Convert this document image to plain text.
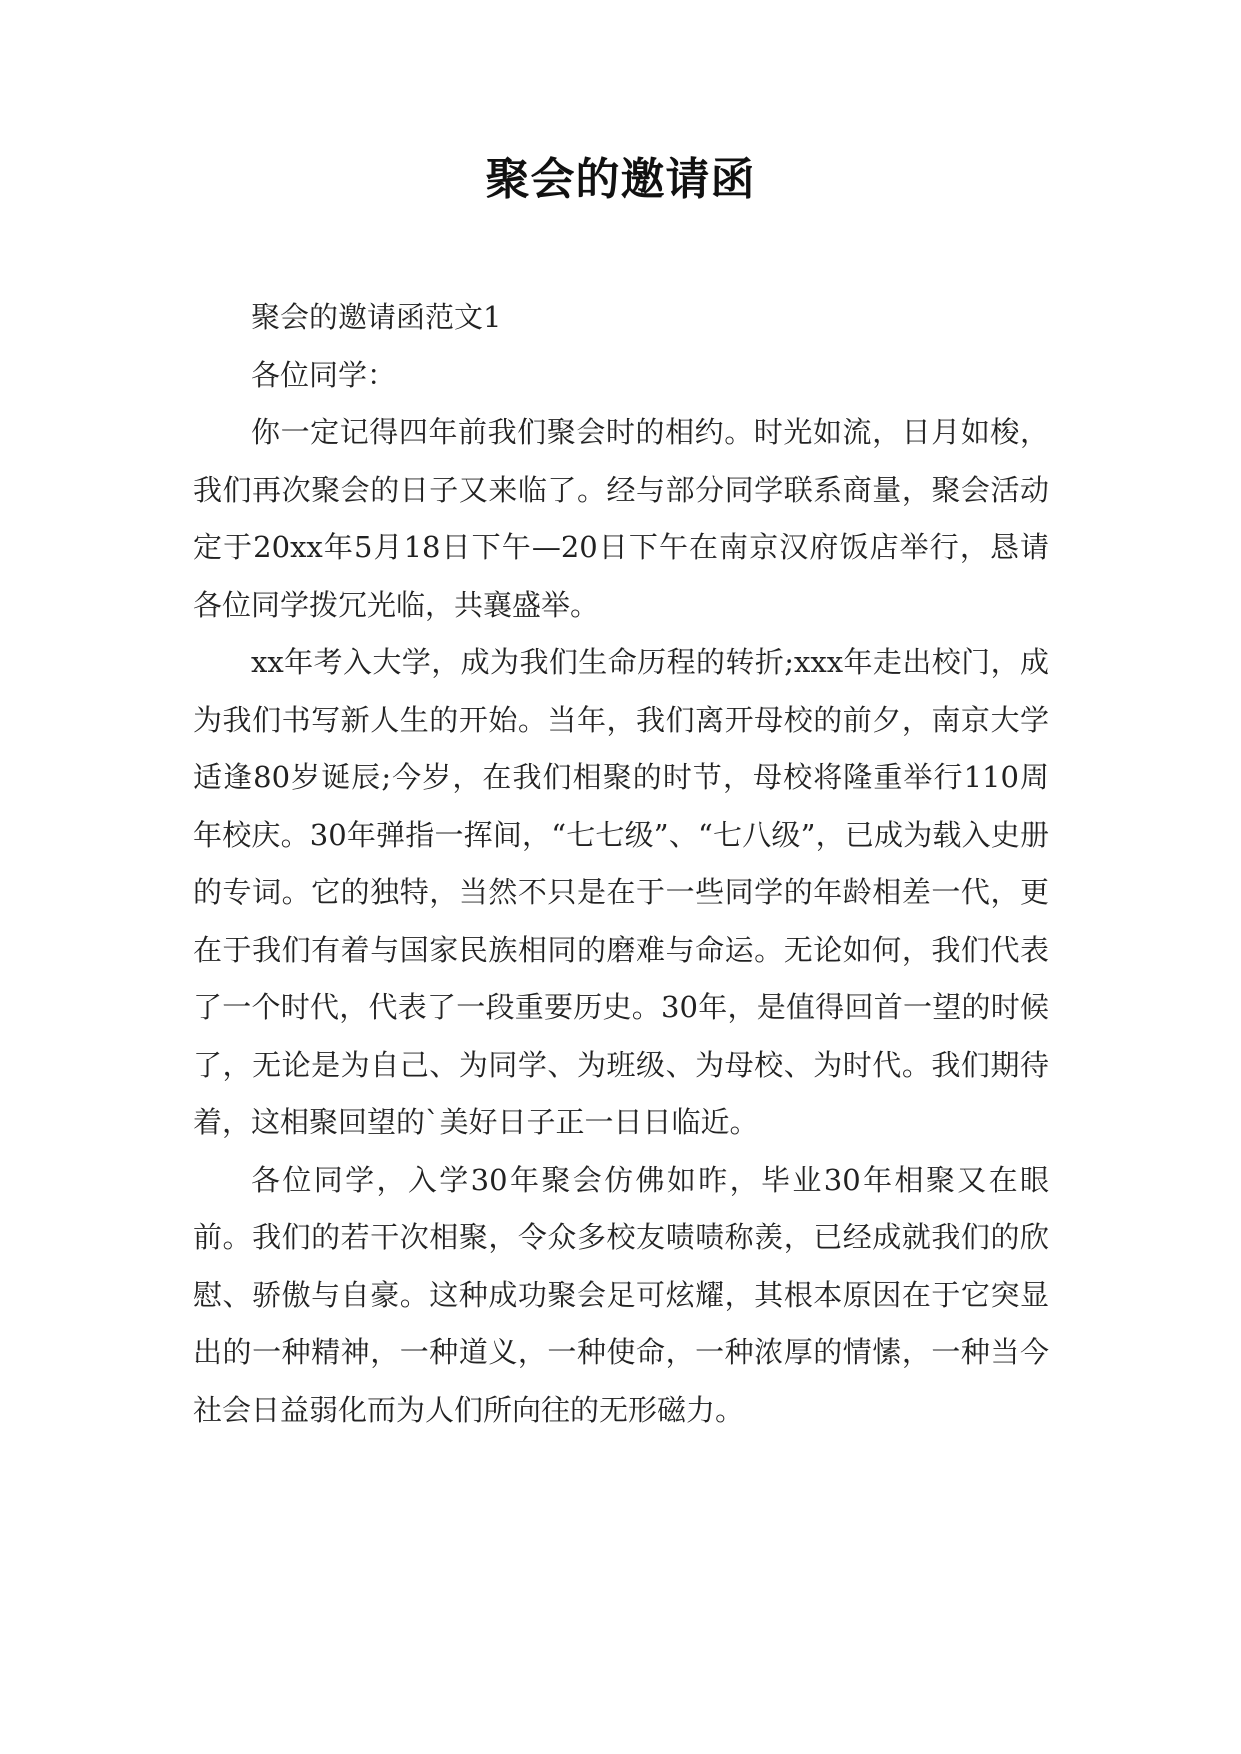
聚会的邀请函

聚会的邀请函范文1

各位同学：

你一定记得四年前我们聚会时的相约。时光如流，日月如梭，我们再次聚会的日子又来临了。经与部分同学联系商量，聚会活动定于20xx年5月18日下午—20日下午在南京汉府饭店举行，恳请各位同学拨冗光临，共襄盛举。

xx年考入大学，成为我们生命历程的转折;xxx年走出校门，成为我们书写新人生的开始。当年，我们离开母校的前夕，南京大学适逢80岁诞辰;今岁，在我们相聚的时节，母校将隆重举行110周年校庆。30年弹指一挥间，“七七级”、“七八级”，已成为载入史册的专词。它的独特，当然不只是在于一些同学的年龄相差一代，更在于我们有着与国家民族相同的磨难与命运。无论如何，我们代表了一个时代，代表了一段重要历史。30年，是值得回首一望的时候了，无论是为自己、为同学、为班级、为母校、为时代。我们期待着，这相聚回望的`美好日子正一日日临近。

各位同学，入学30年聚会仿佛如昨，毕业30年相聚又在眼前。我们的若干次相聚，令众多校友啧啧称羡，已经成就我们的欣慰、骄傲与自豪。这种成功聚会足可炫耀，其根本原因在于它突显出的一种精神，一种道义，一种使命，一种浓厚的情愫，一种当今社会日益弱化而为人们所向往的无形磁力。
